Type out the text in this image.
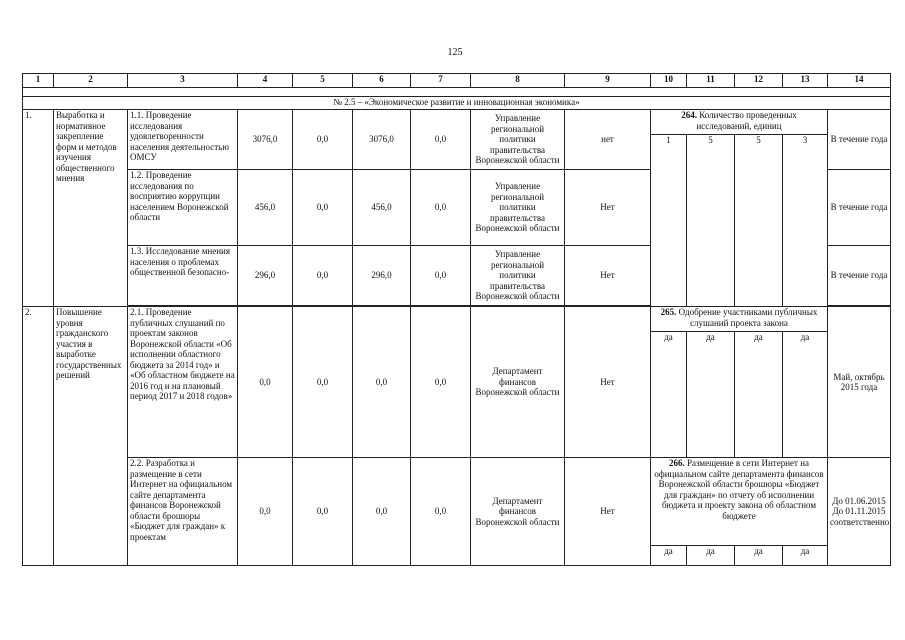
125
1	2	3	4	5	6	7	8	9	10	11	12	13	14

№ 2.5 – «Экономическое развитие и инновационная экономика»													
1.	Выработка и нормативное закрепление форм и методов изучения общественного мнения	1.1. Проведение исследования удовлетворенности населения деятельностью ОМСУ	3076,0	0,0	3076,0	0,0	Управление региональной политики правительства Воронежской области	нет	264. Количество проведенных исследований, единиц				В течение года
									1	5	5	3	
		1.2. Проведение исследования по восприятию коррупции населением Воронежской области	456,0	0,0	456,0	0,0	Управление региональной политики правительства Воронежской области	Нет					В течение года
		1.3. Исследование мнения населения о проблемах общественной безопасно-	296,0	0,0	296,0	0,0	Управление региональной политики правительства Воронежской области	Нет					В течение года

2.	Повышение уровня гражданского участия в выработке государственных решений	2.1. Проведение публичных слушаний по проектам законов Воронежской области «Об исполнении областного бюджета за 2014 год» и «Об областном бюджете на 2016 год и на плановый период 2017 и 2018 годов»	0,0	0,0	0,0	0,0	Департамент финансов Воронежской области	Нет	265. Одобрение участниками публичных слушаний проекта закона				Май, октябрь 2015 года
									да	да	да	да	
		2.2. Разработка и размещение в сети Интернет на официальном сайте департамента финансов Воронежской области брошюры «Бюджет для граждан» к проектам	0,0	0,0	0,0	0,0	Департамент финансов Воронежской области	Нет	266. Размещение в сети Интернет на официальном сайте департамента финансов Воронежской области брошюры «Бюджет для граждан» по отчету об исполнении бюджета и проекту закона об областном бюджете				До 01.06.2015 До 01.11.2015 соответственно
									да	да	да	да	
